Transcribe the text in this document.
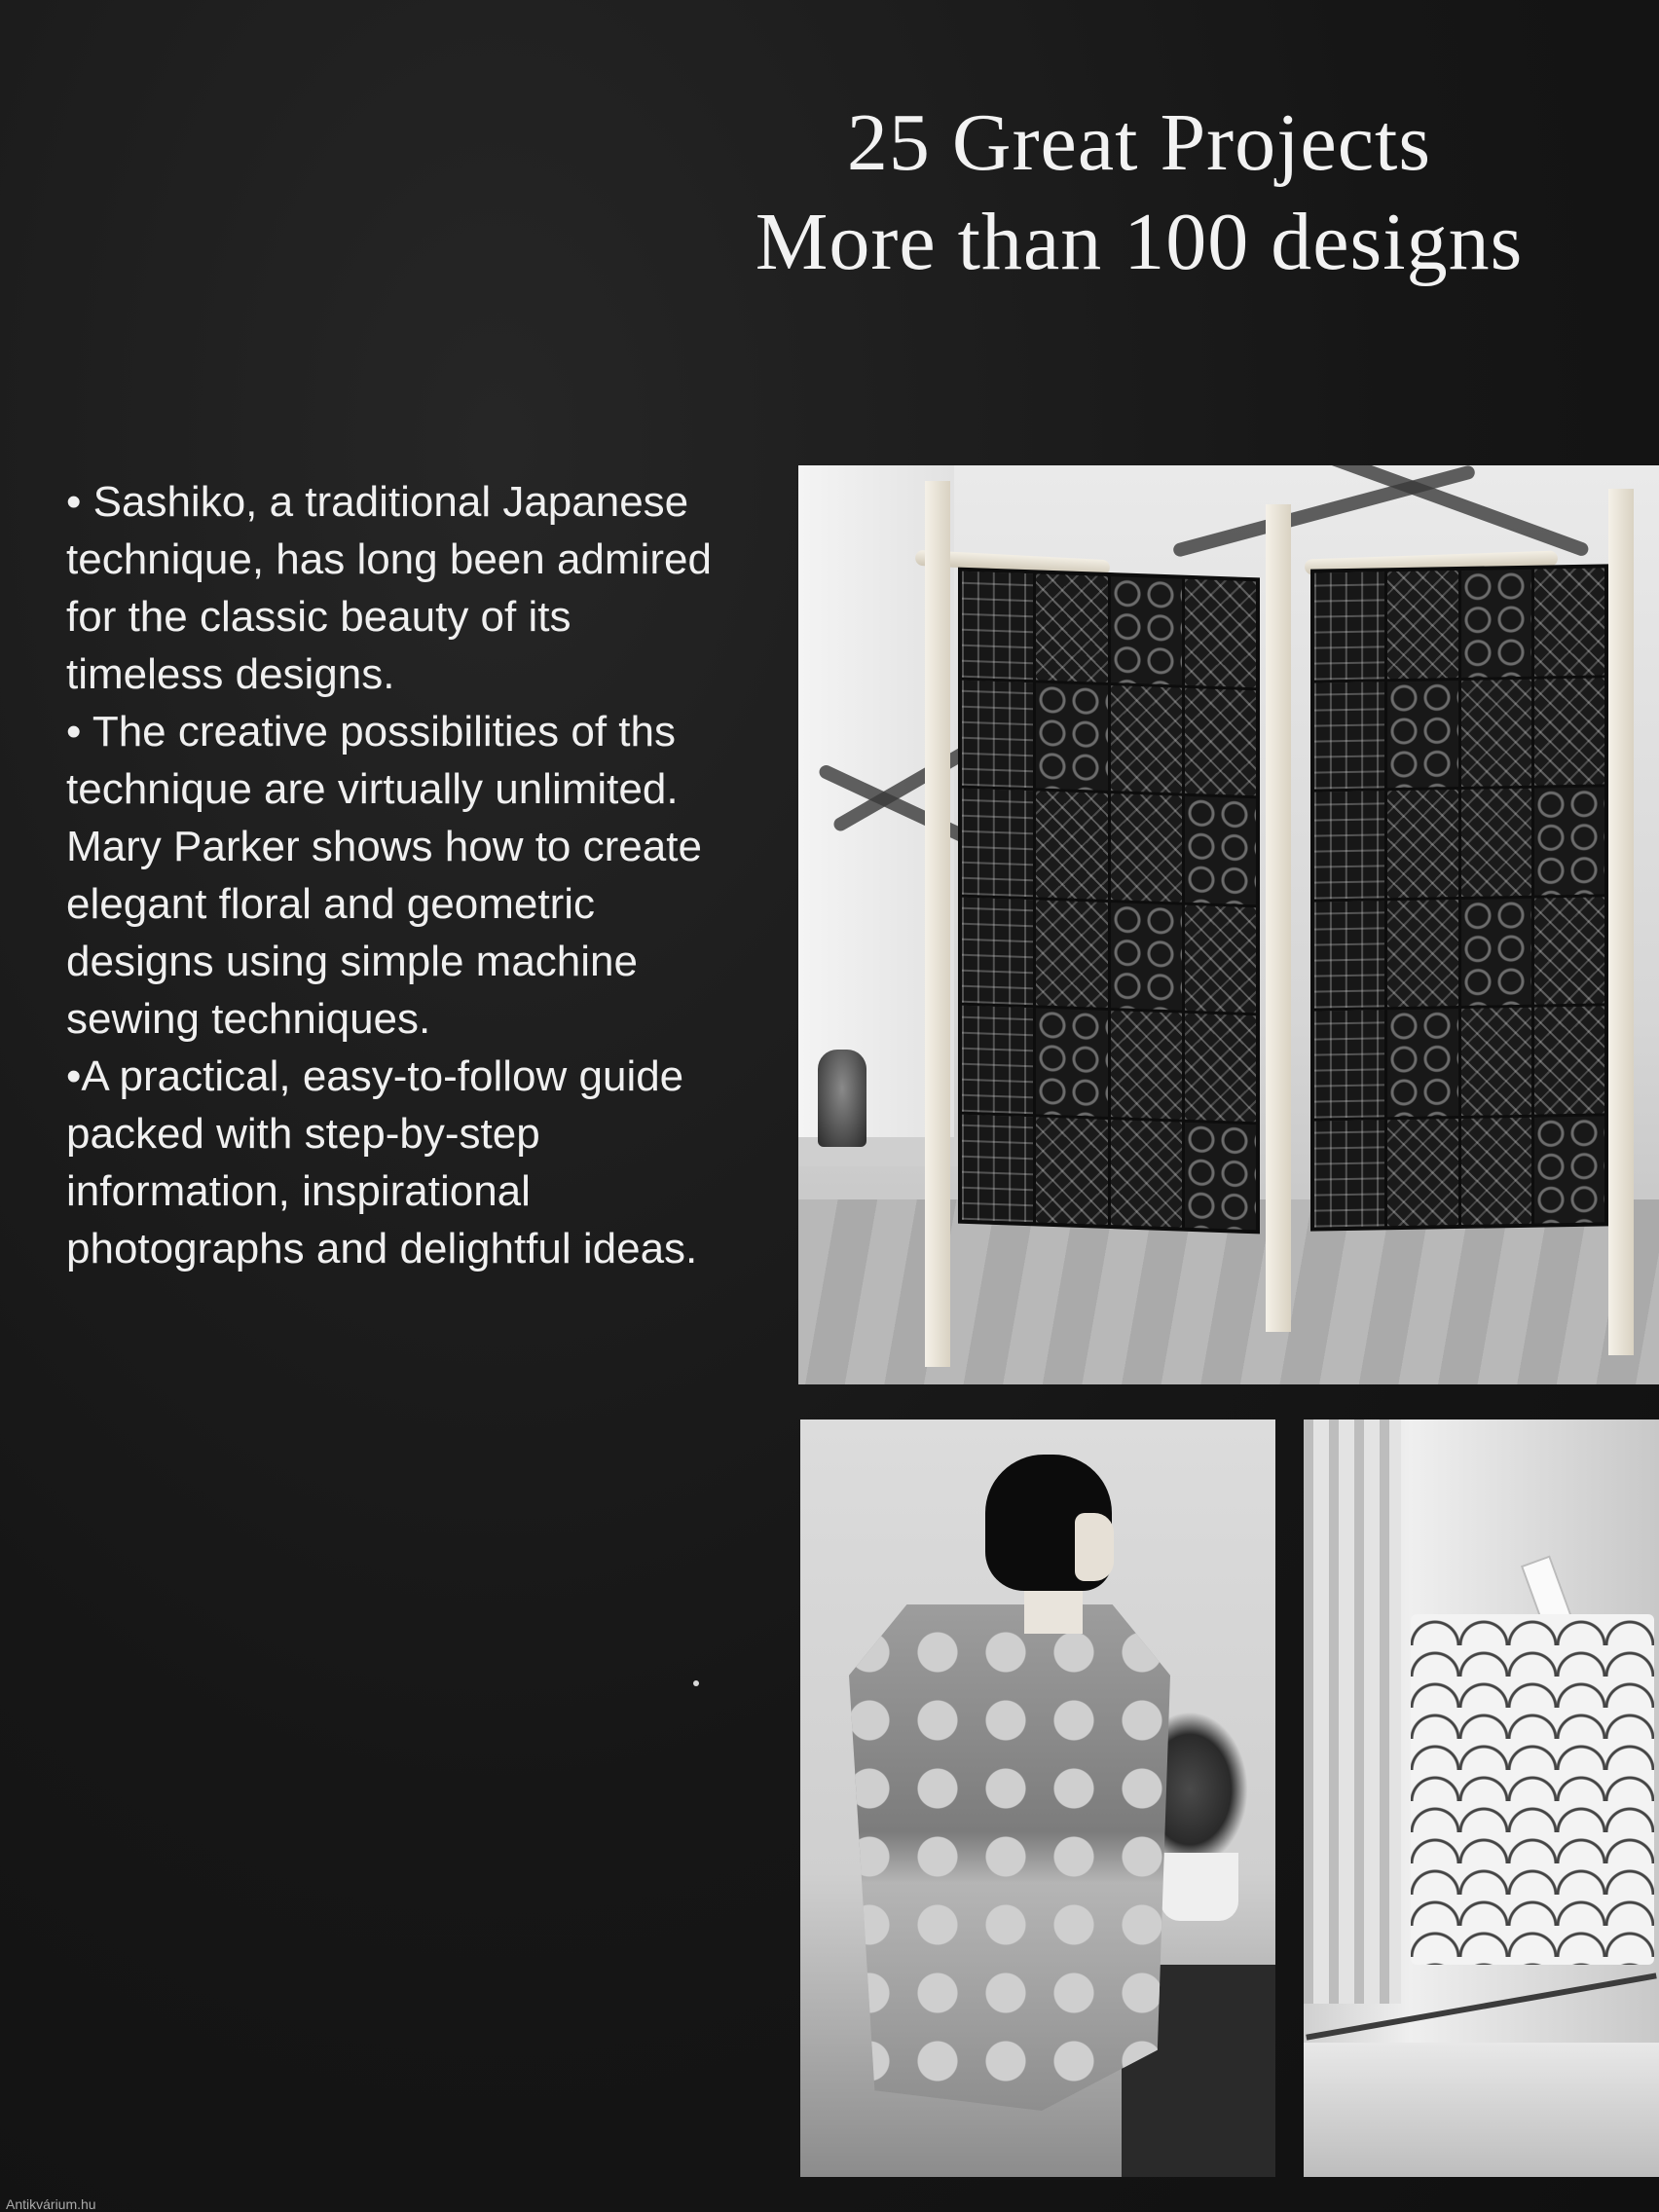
25 Great Projects
More than 100 designs

• Sashiko, a traditional Japanese technique, has long been admired for the classic beauty of its timeless designs.

• The creative possibilities of ths technique are virtually unlimited. Mary Parker shows how to create elegant floral and geometric designs using simple machine sewing techniques.

•A practical, easy-to-follow guide packed with step-by-step information, inspirational photographs and delightful ideas.

Antikvárium.hu
